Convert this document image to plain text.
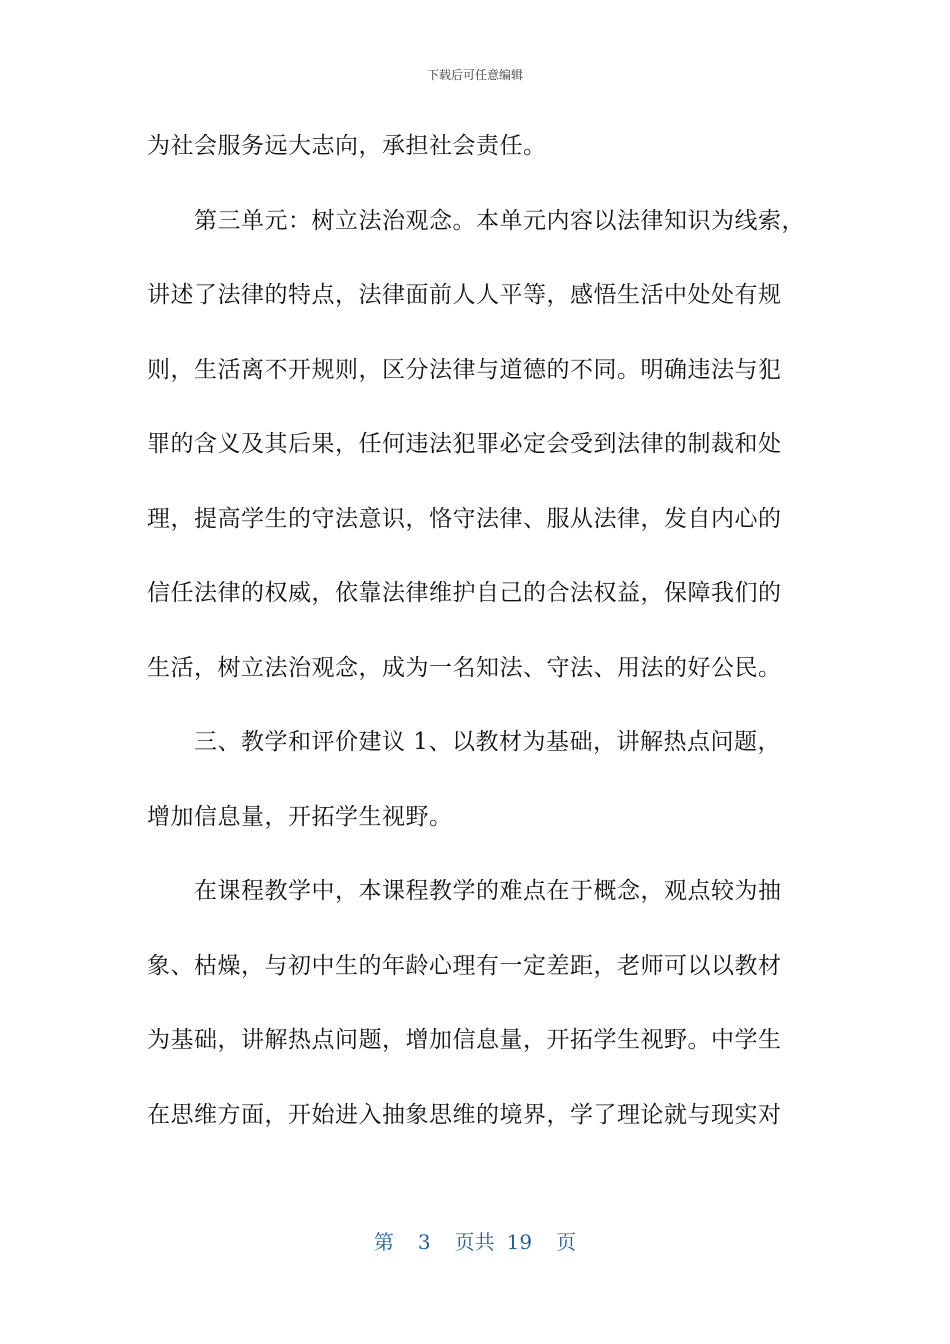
下载后可任意编辑
为社会服务远大志向，承担社会责任。
第三单元：树立法治观念。本单元内容以法律知识为线索，
讲述了法律的特点，法律面前人人平等，感悟生活中处处有规
则，生活离不开规则，区分法律与道德的不同。明确违法与犯
罪的含义及其后果，任何违法犯罪必定会受到法律的制裁和处
理，提高学生的守法意识，恪守法律、服从法律，发自内心的
信任法律的权威，依靠法律维护自己的合法权益，保障我们的
生活，树立法治观念，成为一名知法、守法、用法的好公民。
三、教学和评价建议 1、以教材为基础，讲解热点问题，
增加信息量，开拓学生视野。
在课程教学中，本课程教学的难点在于概念，观点较为抽
象、枯燥，与初中生的年龄心理有一定差距，老师可以以教材
为基础，讲解热点问题，增加信息量，开拓学生视野。中学生
在思维方面，开始进入抽象思维的境界，学了理论就与现实对
第 3 页共 19 页
